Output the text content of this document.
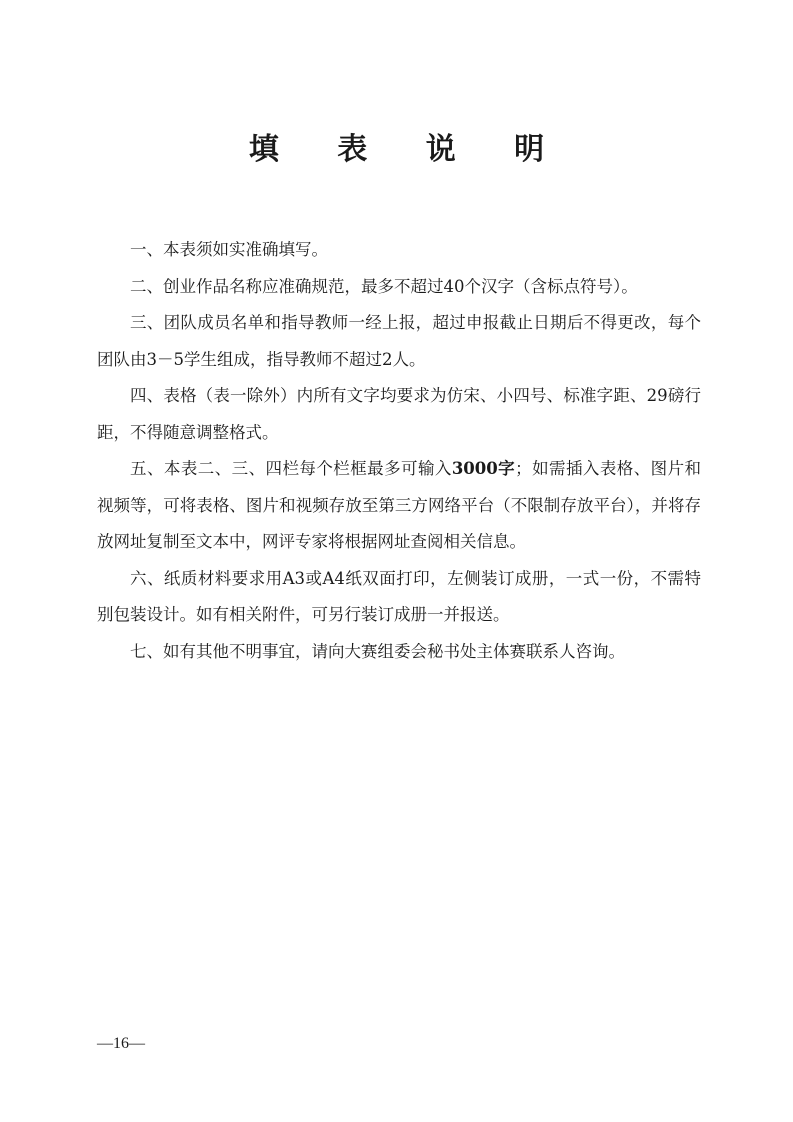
填 表 说 明

一、本表须如实准确填写。

二、创业作品名称应准确规范，最多不超过40个汉字（含标点符号）。

三、团队成员名单和指导教师一经上报，超过申报截止日期后不得更改，每个团队由3－5学生组成，指导教师不超过2人。

四、表格（表一除外）内所有文字均要求为仿宋、小四号、标准字距、29磅行距，不得随意调整格式。

五、本表二、三、四栏每个栏框最多可输入3000字；如需插入表格、图片和视频等，可将表格、图片和视频存放至第三方网络平台（不限制存放平台），并将存放网址复制至文本中，网评专家将根据网址查阅相关信息。

六、纸质材料要求用A3或A4纸双面打印，左侧装订成册，一式一份，不需特别包装设计。如有相关附件，可另行装订成册一并报送。

七、如有其他不明事宜，请向大赛组委会秘书处主体赛联系人咨询。

—16—
